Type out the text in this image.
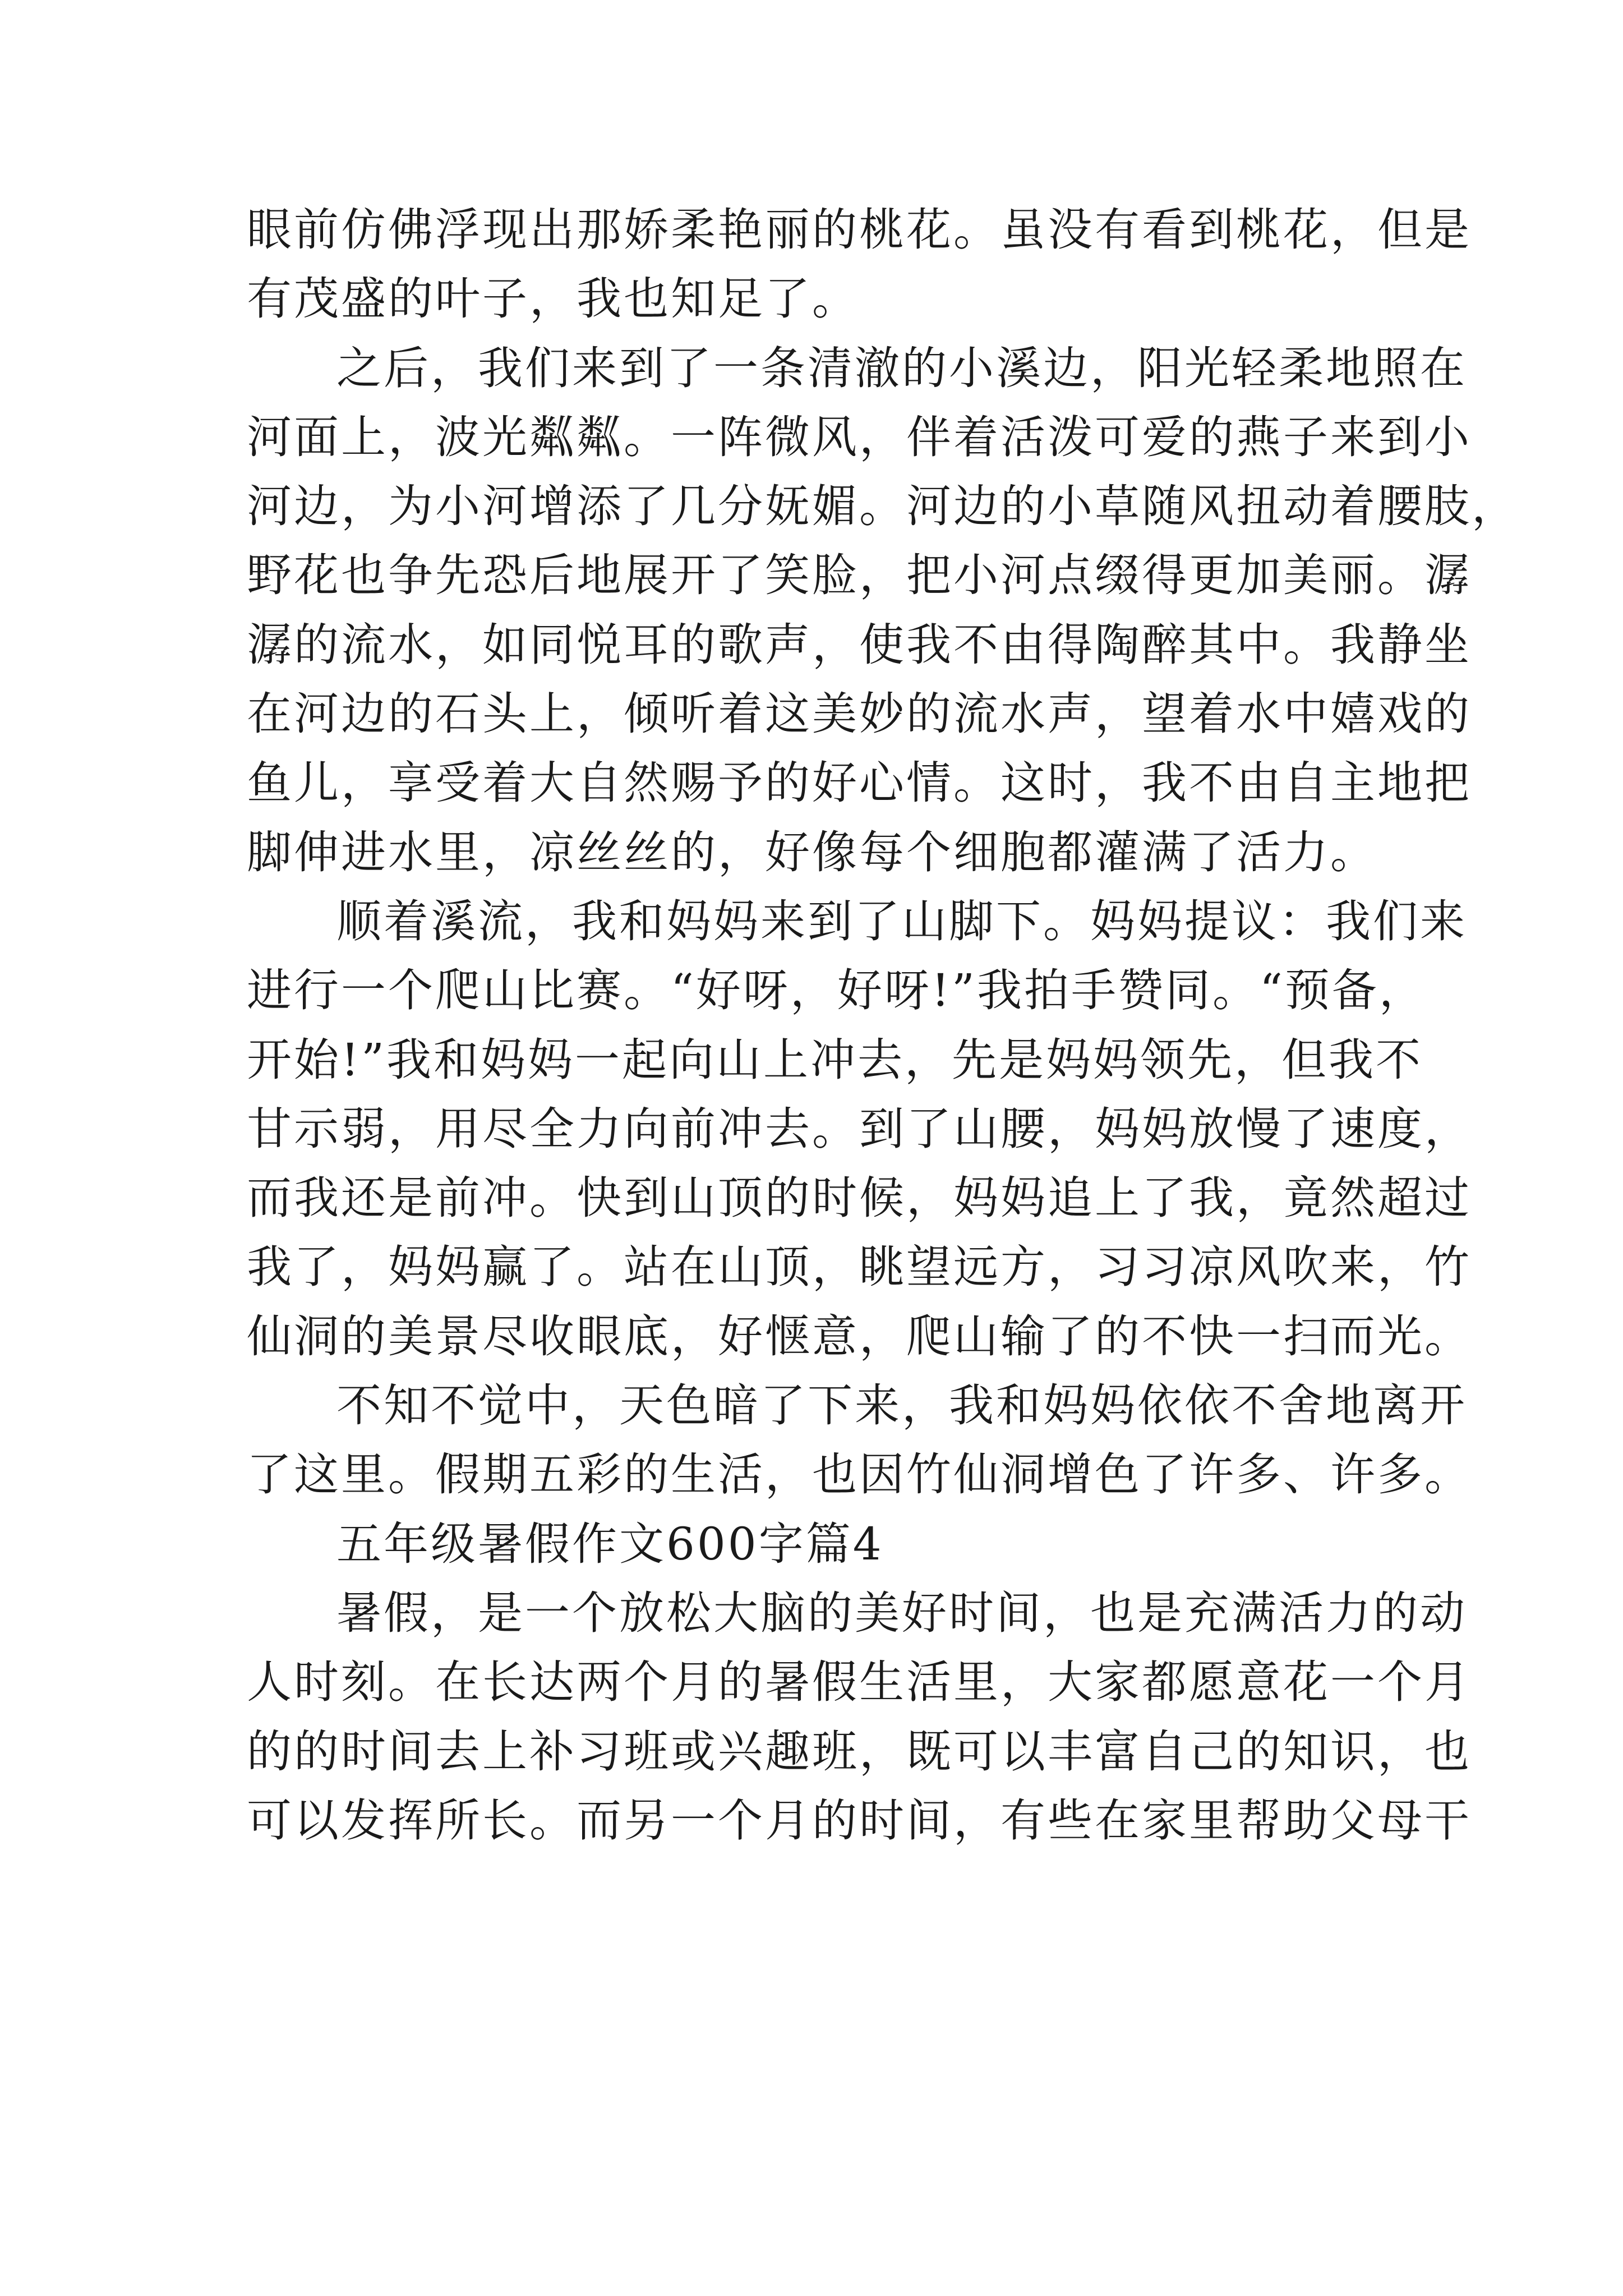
眼前仿佛浮现出那娇柔艳丽的桃花。虽没有看到桃花，但是
有茂盛的叶子，我也知足了。
之后，我们来到了一条清澈的小溪边，阳光轻柔地照在
河面上，波光粼粼。一阵微风，伴着活泼可爱的燕子来到小
河边，为小河增添了几分妩媚。河边的小草随风扭动着腰肢，
野花也争先恐后地展开了笑脸，把小河点缀得更加美丽。潺
潺的流水，如同悦耳的歌声，使我不由得陶醉其中。我静坐
在河边的石头上，倾听着这美妙的流水声，望着水中嬉戏的
鱼儿，享受着大自然赐予的好心情。这时，我不由自主地把
脚伸进水里，凉丝丝的，好像每个细胞都灌满了活力。
顺着溪流，我和妈妈来到了山脚下。妈妈提议：我们来
进行一个爬山比赛。“好呀，好呀!”我拍手赞同。“预备，
开始!”我和妈妈一起向山上冲去，先是妈妈领先，但我不
甘示弱，用尽全力向前冲去。到了山腰，妈妈放慢了速度，
而我还是前冲。快到山顶的时候，妈妈追上了我，竟然超过
我了，妈妈赢了。站在山顶，眺望远方，习习凉风吹来，竹
仙洞的美景尽收眼底，好惬意，爬山输了的不快一扫而光。
不知不觉中，天色暗了下来，我和妈妈依依不舍地离开
了这里。假期五彩的生活，也因竹仙洞增色了许多、许多。
五年级暑假作文600字篇4
暑假，是一个放松大脑的美好时间，也是充满活力的动
人时刻。在长达两个月的暑假生活里，大家都愿意花一个月
的的时间去上补习班或兴趣班，既可以丰富自己的知识，也
可以发挥所长。而另一个月的时间，有些在家里帮助父母干
